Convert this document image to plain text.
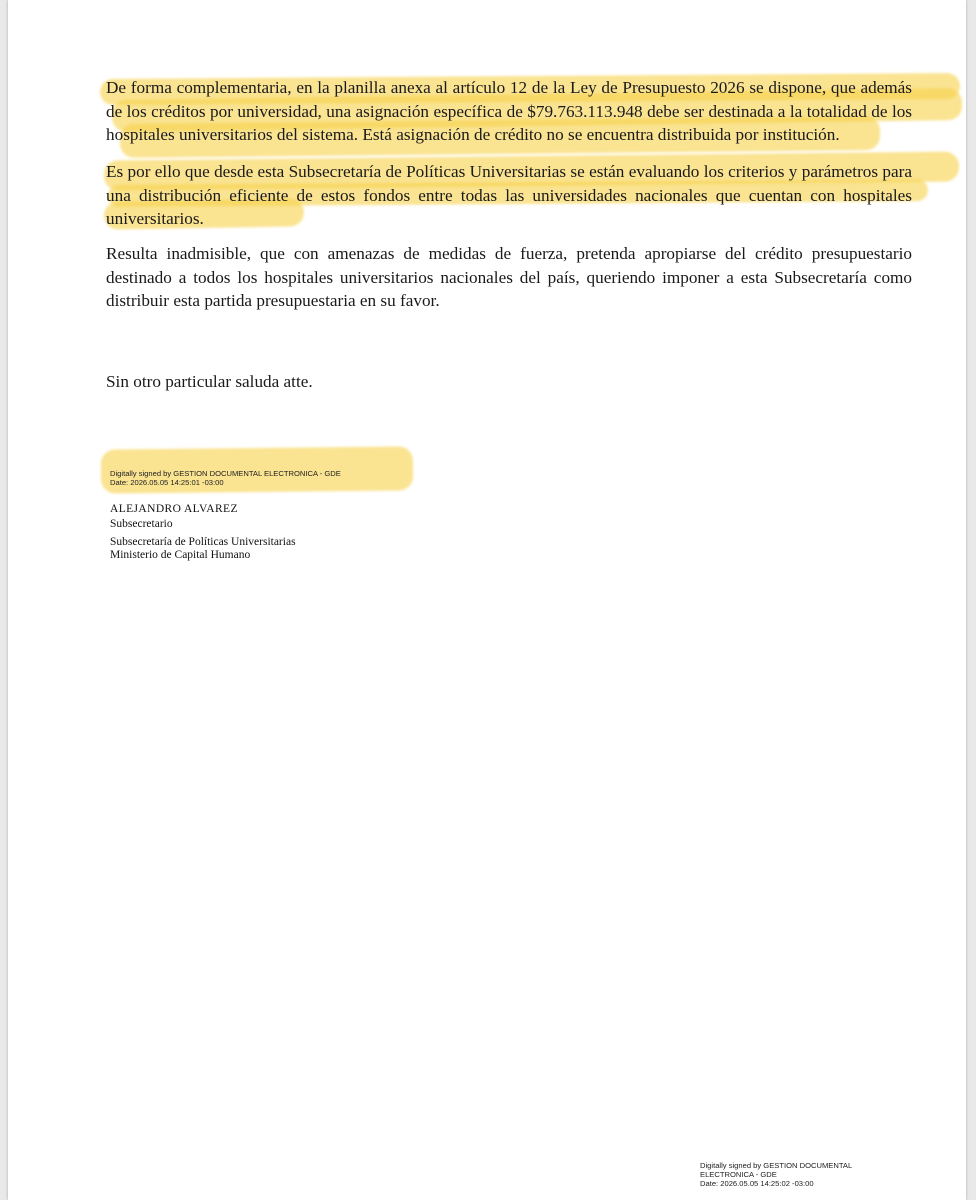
De forma complementaria, en la planilla anexa al artículo 12 de la Ley de Presupuesto 2026 se dispone, que además de los créditos por universidad, una asignación específica de $79.763.113.948 debe ser destinada a la totalidad de los hospitales universitarios del sistema. Está asignación de crédito no se encuentra distribuida por institución.

Es por ello que desde esta Subsecretaría de Políticas Universitarias se están evaluando los criterios y parámetros para una distribución eficiente de estos fondos entre todas las universidades nacionales que cuentan con hospitales universitarios.

Resulta inadmisible, que con amenazas de medidas de fuerza, pretenda apropiarse del crédito presupuestario destinado a todos los hospitales universitarios nacionales del país, queriendo imponer a esta Subsecretaría como distribuir esta partida presupuestaria en su favor.

Sin otro particular saluda atte.

Digitally signed by GESTION DOCUMENTAL ELECTRONICA - GDE
Date: 2026.05.05 14:25:01 -03:00
ALEJANDRO ALVAREZ
Subsecretario
Subsecretaría de Políticas Universitarias
Ministerio de Capital Humano
Digitally signed by GESTION DOCUMENTAL
ELECTRONICA - GDE
Date: 2026.05.05 14:25:02 -03:00
